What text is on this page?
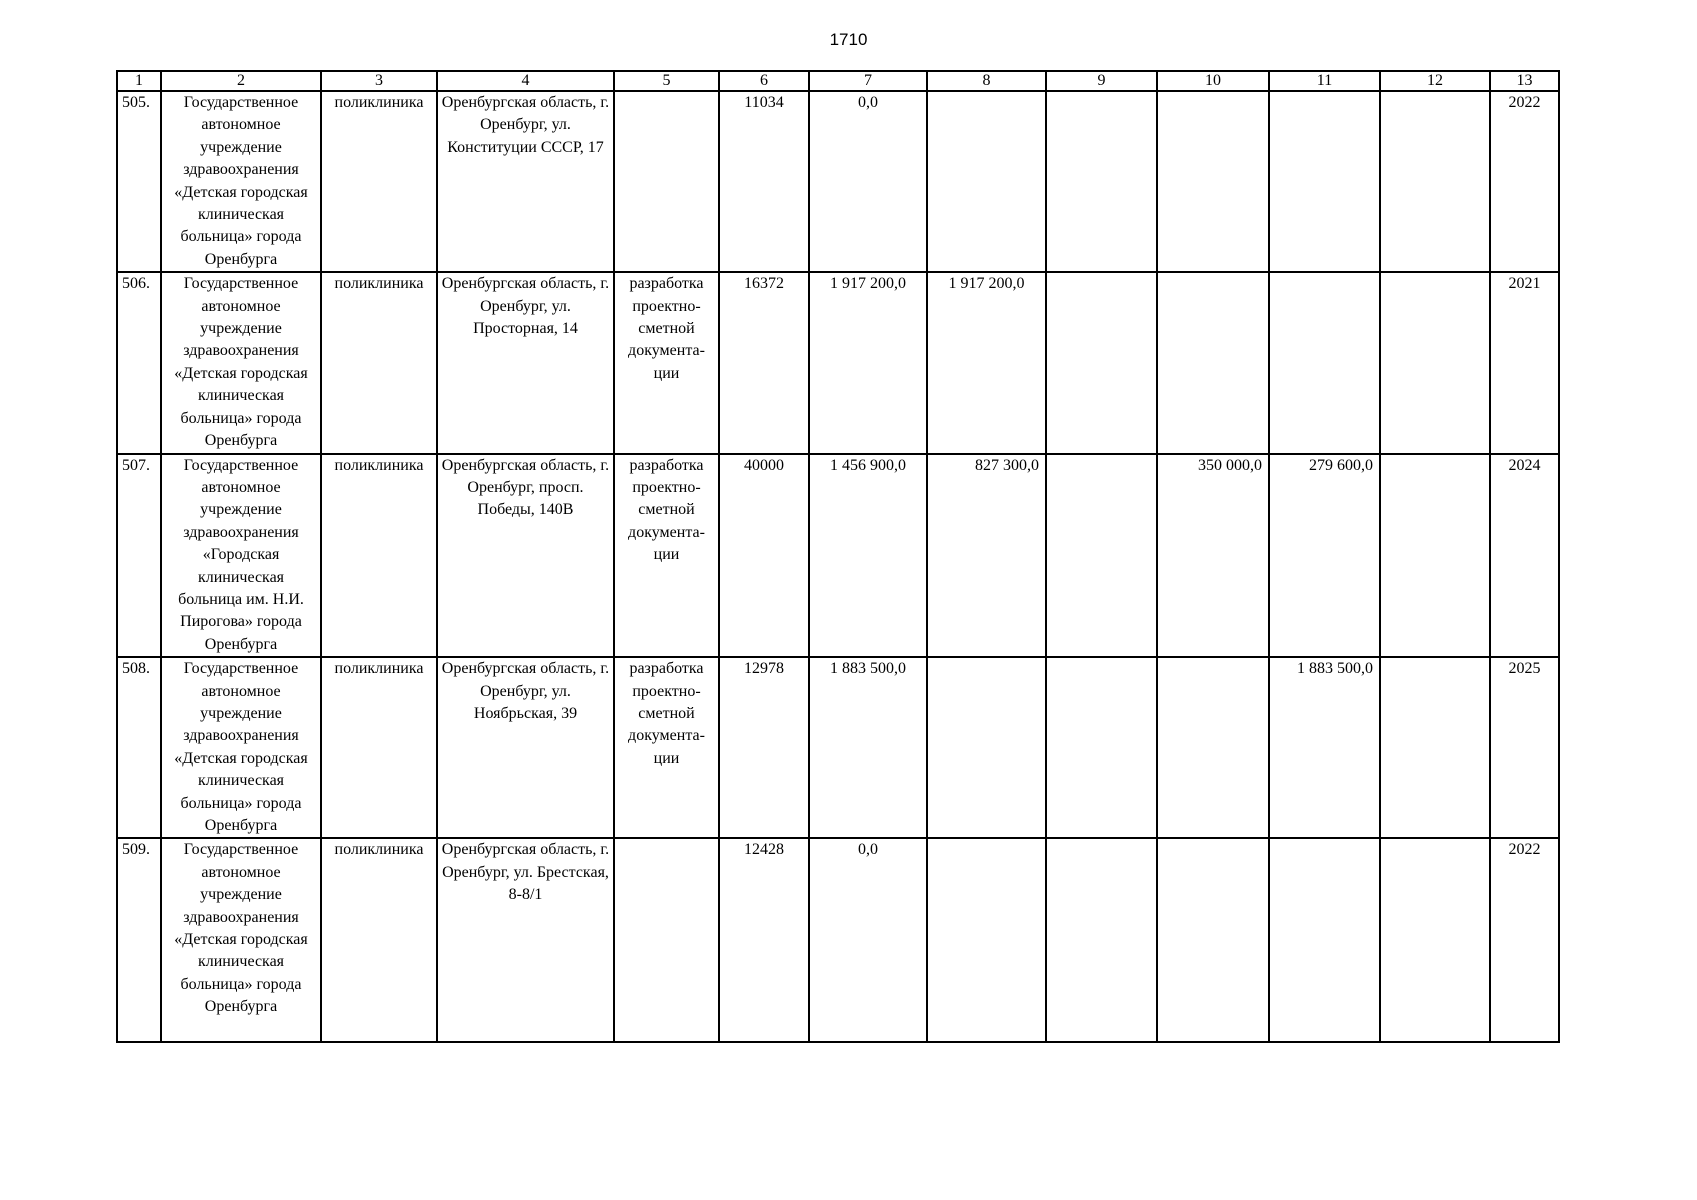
1710
1	2	3	4	5	6	7	8	9	10	11	12	13
505.	Государственное автономное учреждение здравоохранения «Детская городская клиническая больница» города Оренбурга	поликлиника	Оренбургская область, г. Оренбург, ул. Конституции СССР, 17		11034	0,0						2022
506.	Государственное автономное учреждение здравоохранения «Детская городская клиническая больница» города Оренбурга	поликлиника	Оренбургская область, г. Оренбург, ул. Просторная, 14	разработка проектно-сметной документа-ции	16372	1 917 200,0	1 917 200,0					2021
507.	Государственное автономное учреждение здравоохранения «Городская клиническая больница им. Н.И. Пирогова» города Оренбурга	поликлиника	Оренбургская область, г. Оренбург, просп. Победы, 140В	разработка проектно-сметной документа-ции	40000	1 456 900,0	827 300,0		350 000,0	279 600,0		2024
508.	Государственное автономное учреждение здравоохранения «Детская городская клиническая больница» города Оренбурга	поликлиника	Оренбургская область, г. Оренбург, ул. Ноябрьская, 39	разработка проектно-сметной документа-ции	12978	1 883 500,0				1 883 500,0		2025
509.	Государственное автономное учреждение здравоохранения «Детская городская клиническая больница» города Оренбурга	поликлиника	Оренбургская область, г. Оренбург, ул. Брестская, 8-8/1		12428	0,0						2022
